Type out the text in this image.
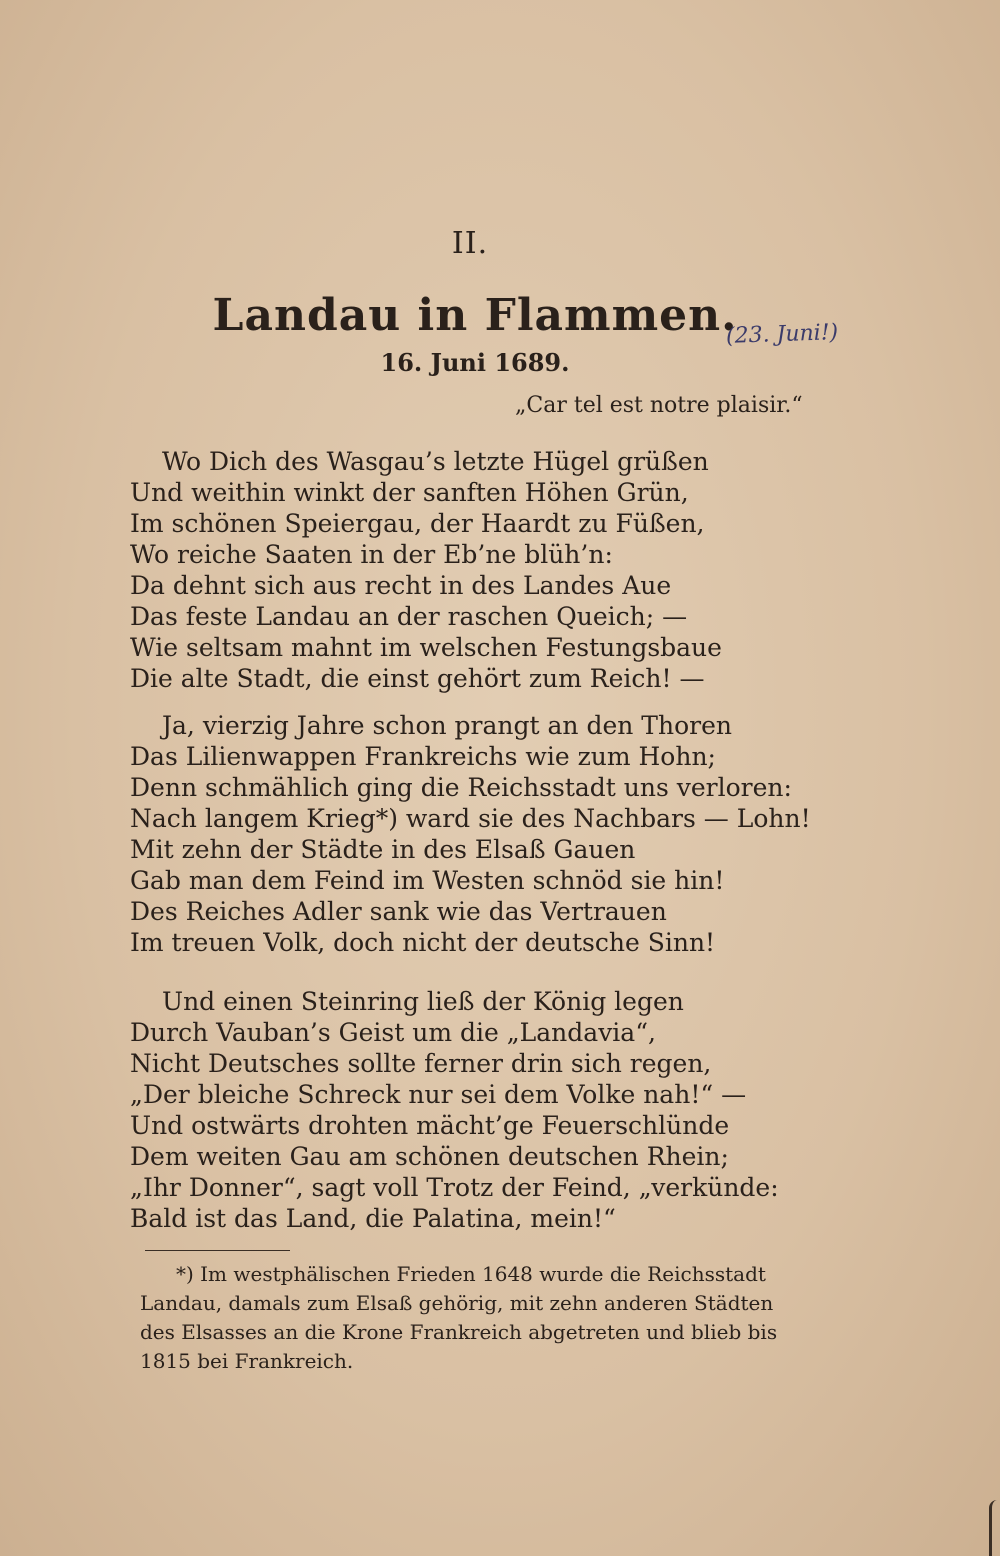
II.
Landau in Flammen.
16. Juni 1689.
(23. Juni!)
„Car tel est notre plaisir.“
Wo Dich des Wasgau’s letzte Hügel grüßen
Und weithin winkt der sanften Höhen Grün,
Im schönen Speiergau, der Haardt zu Füßen,
Wo reiche Saaten in der Eb’ne blüh’n:
Da dehnt sich aus recht in des Landes Aue
Das feste Landau an der raschen Queich; —
Wie seltsam mahnt im welschen Festungsbaue
Die alte Stadt, die einst gehört zum Reich! —
Ja, vierzig Jahre schon prangt an den Thoren
Das Lilienwappen Frankreichs wie zum Hohn;
Denn schmählich ging die Reichsstadt uns verloren:
Nach langem Krieg*) ward sie des Nachbars — Lohn!
Mit zehn der Städte in des Elsaß Gauen
Gab man dem Feind im Westen schnöd sie hin!
Des Reiches Adler sank wie das Vertrauen
Im treuen Volk, doch nicht der deutsche Sinn!
Und einen Steinring ließ der König legen
Durch Vauban’s Geist um die „Landavia“,
Nicht Deutsches sollte ferner drin sich regen,
„Der bleiche Schreck nur sei dem Volke nah!“ —
Und ostwärts drohten mächt’ge Feuerschlünde
Dem weiten Gau am schönen deutschen Rhein;
„Ihr Donner“, sagt voll Trotz der Feind, „verkünde:
Bald ist das Land, die Palatina, mein!“
*) Im westphälischen Frieden 1648 wurde die Reichsstadt
Landau, damals zum Elsaß gehörig, mit zehn anderen Städten
des Elsasses an die Krone Frankreich abgetreten und blieb bis
1815 bei Frankreich.
